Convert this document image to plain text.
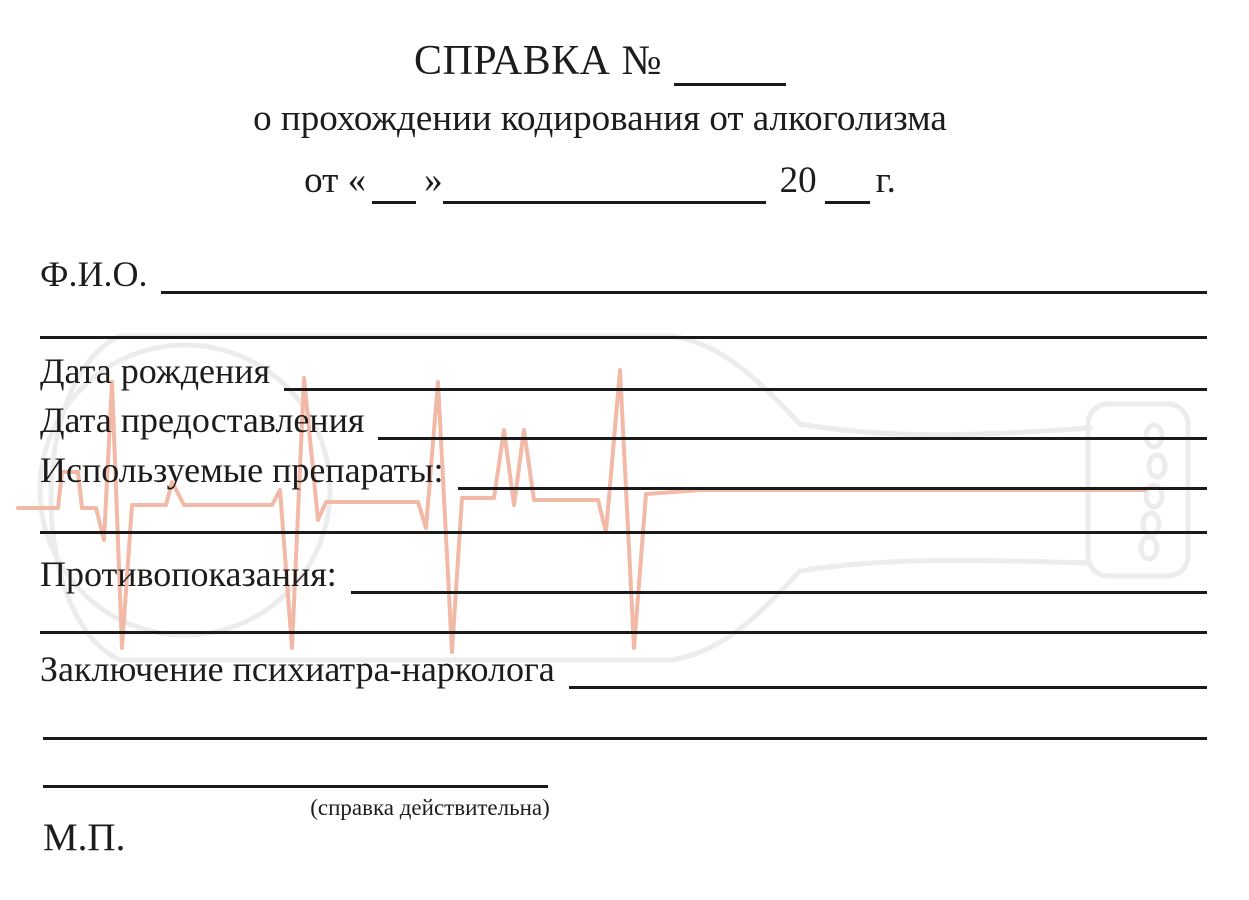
СПРАВКА №
о прохождении кодирования от алкоголизма
от « »	20 г.
Ф.И.О.
Дата рождения
Дата предоставления
Используемые препараты:
Противопоказания:
Заключение психиатра-нарколога
(справка действительна)
М.П.
